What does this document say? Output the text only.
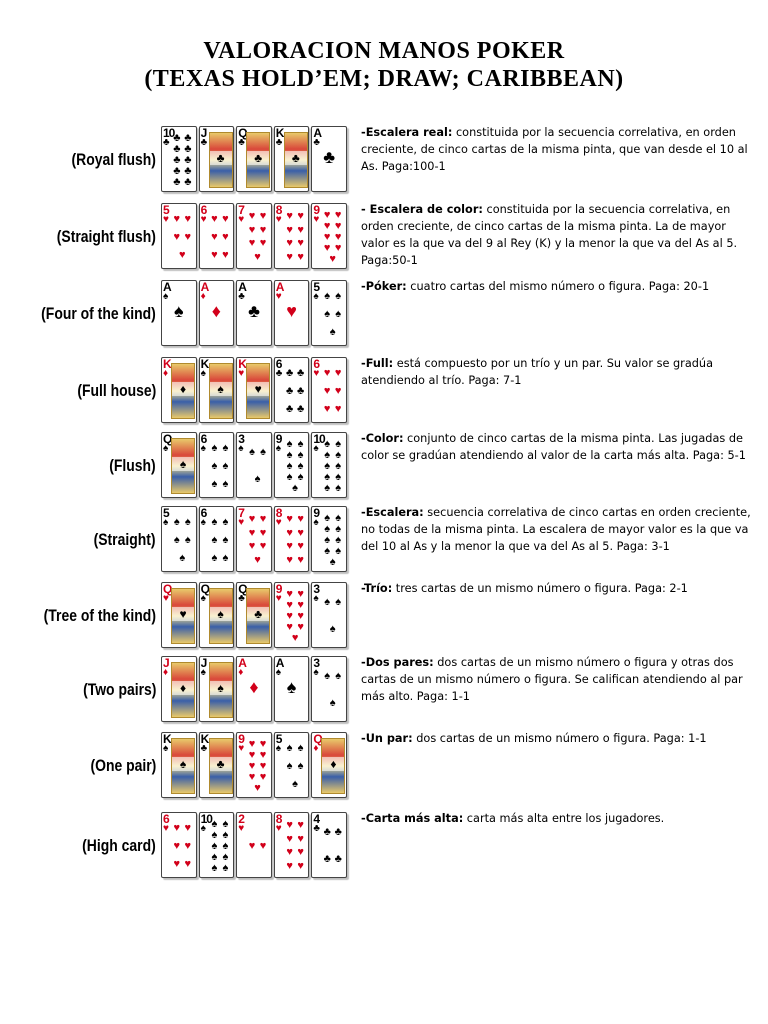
VALORACION MANOS POKER
(TEXAS HOLD’EM; DRAW; CARIBBEAN)
(Royal flush)
10
♣ ♣ ♣
♣ ♣
♣ ♣
♣ ♣
♣ ♣
J
♣
♣
Q
♣
♣
K
♣
♣
A
♣
♣
-Escalera real: constituida por la secuencia correlativa, en orden creciente, de cinco cartas de la misma pinta, que van desde el 10 al As. Paga:100-1
(Straight flush)
5
♥ ♥ ♥
♥ ♥
♥
6
♥ ♥ ♥
♥ ♥
♥ ♥
7
♥ ♥ ♥
♥ ♥
♥ ♥
♥
8
♥ ♥ ♥
♥ ♥
♥ ♥
♥ ♥
9
♥ ♥ ♥
♥ ♥
♥ ♥
♥ ♥
♥
- Escalera de color: constituida por la secuencia correlativa, en orden creciente, de cinco cartas de la misma pinta. La de mayor valor es la que va del 9 al Rey (K) y la menor la que va del As al 5. Paga:50-1
(Four of the kind)
A
♠
♠
A
♦
♦
A
♣
♣
A
♥
♥
5
♠ ♠ ♠
♠ ♠
♠
-Póker: cuatro cartas del mismo número o figura. Paga: 20-1
(Full house)
K
♦
♦
K
♠
♠
K
♥
♥
6
♣ ♣ ♣
♣ ♣
♣ ♣
6
♥ ♥ ♥
♥ ♥
♥ ♥
-Full: está compuesto por un trío y un par. Su valor se gradúa atendiendo al trío. Paga: 7-1
(Flush)
Q
♠
♠
6
♠ ♠ ♠
♠ ♠
♠ ♠
3
♠ ♠ ♠
♠
9
♠ ♠ ♠
♠ ♠
♠ ♠
♠ ♠
♠
10
♠ ♠ ♠
♠ ♠
♠ ♠
♠ ♠
♠ ♠
-Color: conjunto de cinco cartas de la misma pinta. Las jugadas de color se gradúan atendiendo al valor de la carta más alta. Paga: 5-1
(Straight)
5
♠ ♠ ♠
♠ ♠
♠
6
♠ ♠ ♠
♠ ♠
♠ ♠
7
♥ ♥ ♥
♥ ♥
♥ ♥
♥
8
♥ ♥ ♥
♥ ♥
♥ ♥
♥ ♥
9
♠ ♠ ♠
♠ ♠
♠ ♠
♠ ♠
♠
-Escalera: secuencia correlativa de cinco cartas en orden creciente, no todas de la misma pinta. La escalera de mayor valor es la que va del 10 al As y la menor la que va del As al 5. Paga: 3-1
(Tree of the kind)
Q
♥
♥
Q
♠
♠
Q
♣
♣
9
♥ ♥ ♥
♥ ♥
♥ ♥
♥ ♥
♥
3
♠ ♠ ♠
♠
-Trío: tres cartas de un mismo número o figura. Paga: 2-1
(Two pairs)
J
♦
♦
J
♠
♠
A
♦
♦
A
♠
♠
3
♠ ♠ ♠
♠
-Dos pares: dos cartas de un mismo número o figura y otras dos cartas de un mismo número o figura. Se califican atendiendo al par más alto. Paga: 1-1
(One pair)
K
♠
♠
K
♣
♣
9
♥ ♥ ♥
♥ ♥
♥ ♥
♥ ♥
♥
5
♠ ♠ ♠
♠ ♠
♠
Q
♦
♦
-Un par: dos cartas de un mismo número o figura. Paga: 1-1
(High card)
6
♥ ♥ ♥
♥ ♥
♥ ♥
10
♠ ♠ ♠
♠ ♠
♠ ♠
♠ ♠
♠ ♠
2
♥
♥ ♥
8
♥ ♥ ♥
♥ ♥
♥ ♥
♥ ♥
4
♣ ♣ ♣
♣ ♣
-Carta más alta: carta más alta entre los jugadores.
